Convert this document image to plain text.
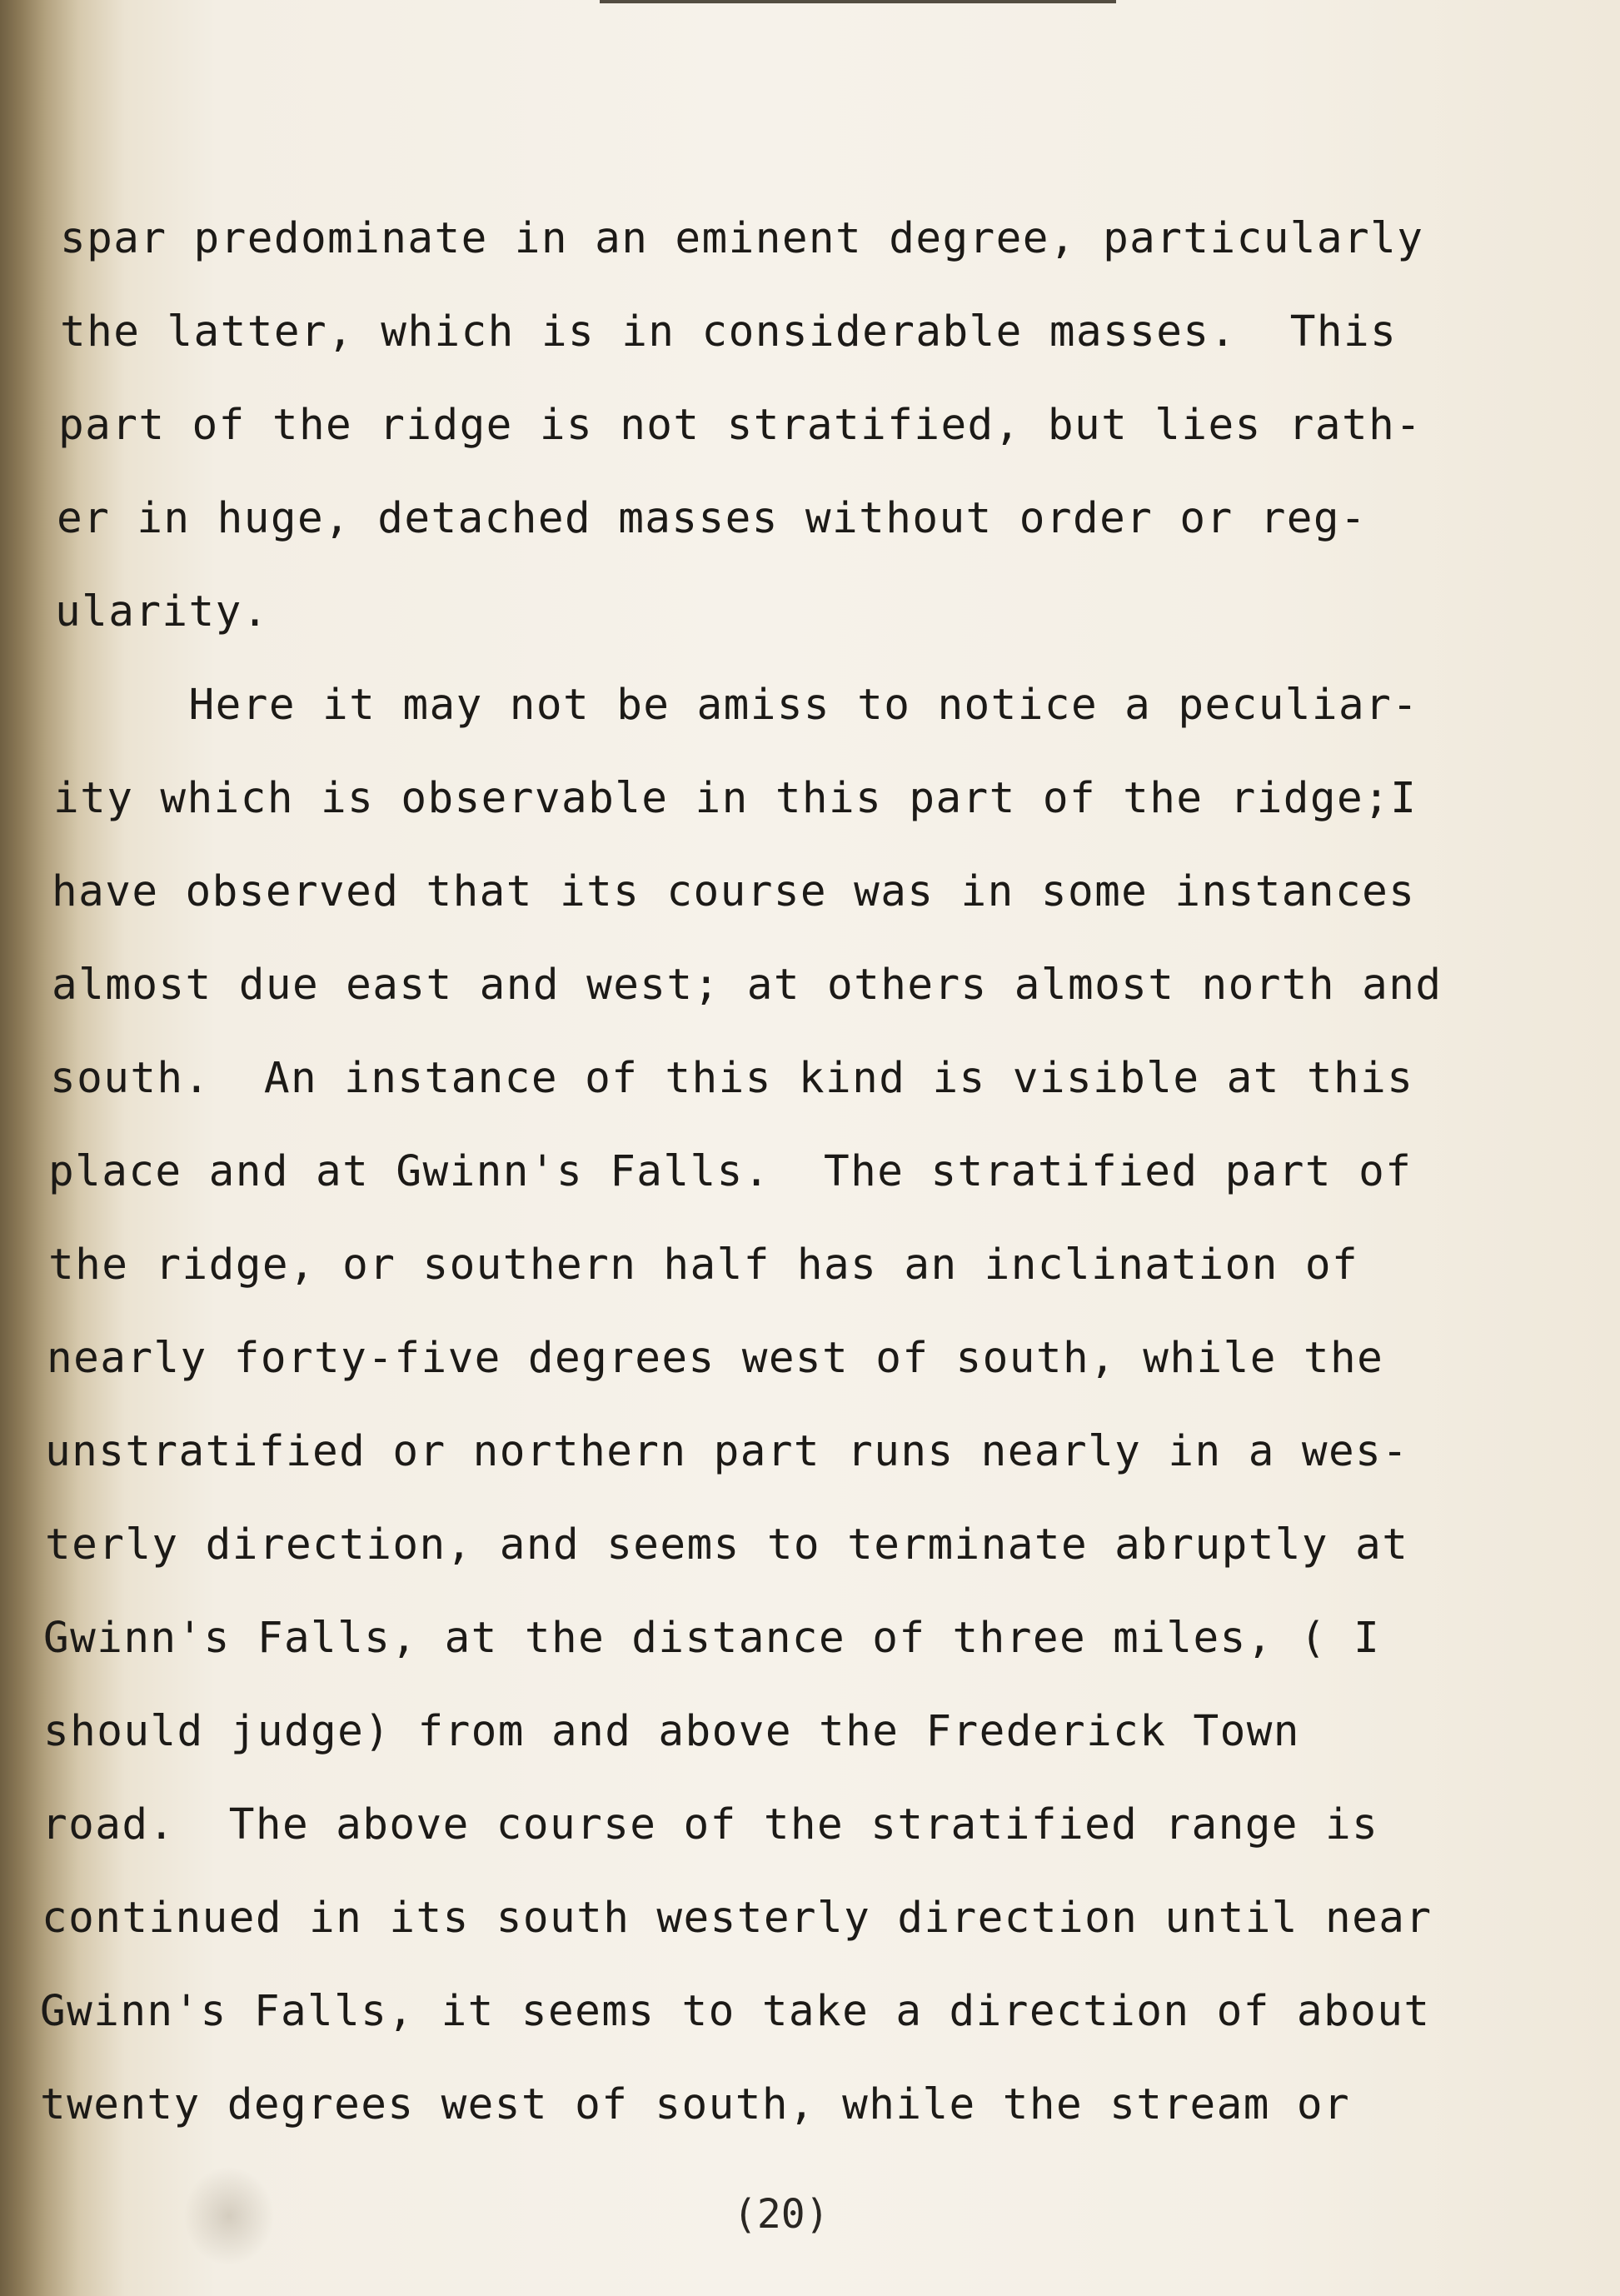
spar predominate in an eminent degree, particularly
the latter, which is in considerable masses.  This
part of the ridge is not stratified, but lies rath-
er in huge, detached masses without order or reg-
ularity.
Here it may not be amiss to notice a peculiar-
ity which is observable in this part of the ridge;I
have observed that its course was in some instances
almost due east and west; at others almost north and
south.  An instance of this kind is visible at this
place and at Gwinn's Falls.  The stratified part of
the ridge, or southern half has an inclination of
nearly forty-five degrees west of south, while the
unstratified or northern part runs nearly in a wes-
terly direction, and seems to terminate abruptly at
Gwinn's Falls, at the distance of three miles, ( I
should judge) from and above the Frederick Town
road.  The above course of the stratified range is
continued in its south westerly direction until near
Gwinn's Falls, it seems to take a direction of about
twenty degrees west of south, while the stream or
(20)
